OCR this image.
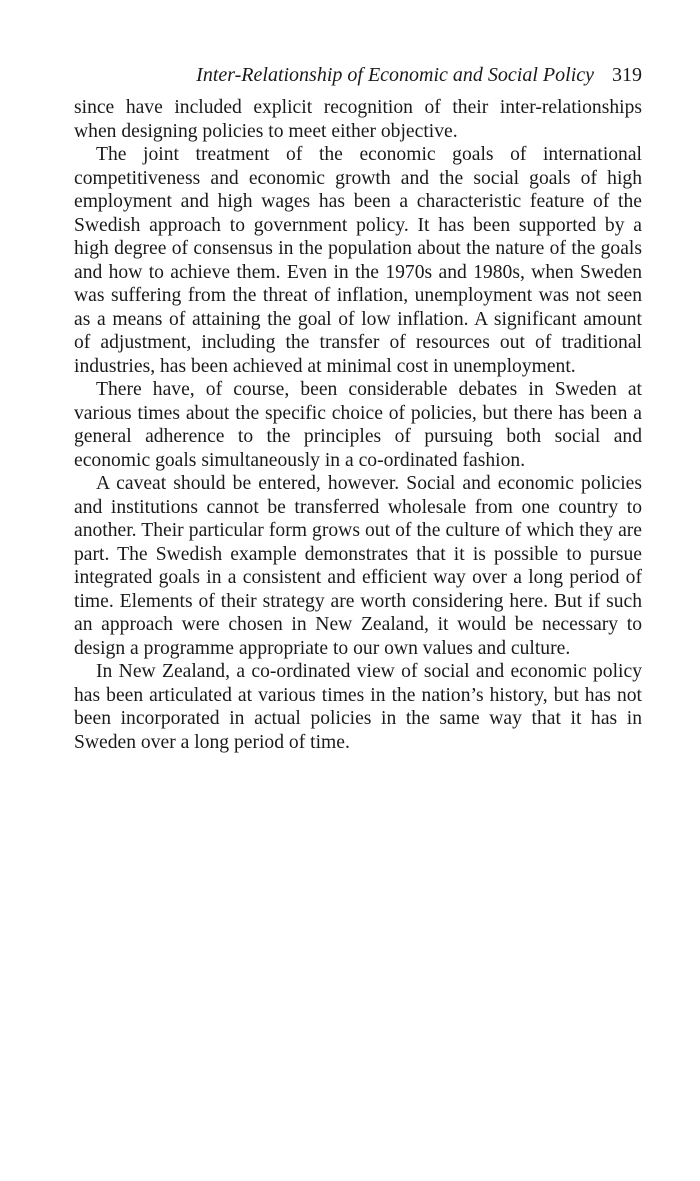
Inter-Relationship of Economic and Social Policy 319

since have included explicit recognition of their inter-relationships when designing policies to meet either objective.

The joint treatment of the economic goals of international competitiveness and economic growth and the social goals of high employment and high wages has been a characteristic feature of the Swedish approach to government policy. It has been supported by a high degree of consensus in the population about the nature of the goals and how to achieve them. Even in the 1970s and 1980s, when Sweden was suffering from the threat of inflation, unemployment was not seen as a means of attaining the goal of low inflation. A significant amount of adjustment, including the transfer of resources out of traditional industries, has been achieved at minimal cost in unemployment.

There have, of course, been considerable debates in Sweden at various times about the specific choice of policies, but there has been a general adherence to the principles of pursuing both social and economic goals simultaneously in a co-ordinated fashion.

A caveat should be entered, however. Social and economic policies and institutions cannot be transferred wholesale from one country to another. Their particular form grows out of the culture of which they are part. The Swedish example demonstrates that it is possible to pursue integrated goals in a consistent and efficient way over a long period of time. Elements of their strategy are worth considering here. But if such an approach were chosen in New Zealand, it would be necessary to design a programme appropriate to our own values and culture.

In New Zealand, a co-ordinated view of social and economic policy has been articulated at various times in the nation’s history, but has not been incorporated in actual policies in the same way that it has in Sweden over a long period of time.
